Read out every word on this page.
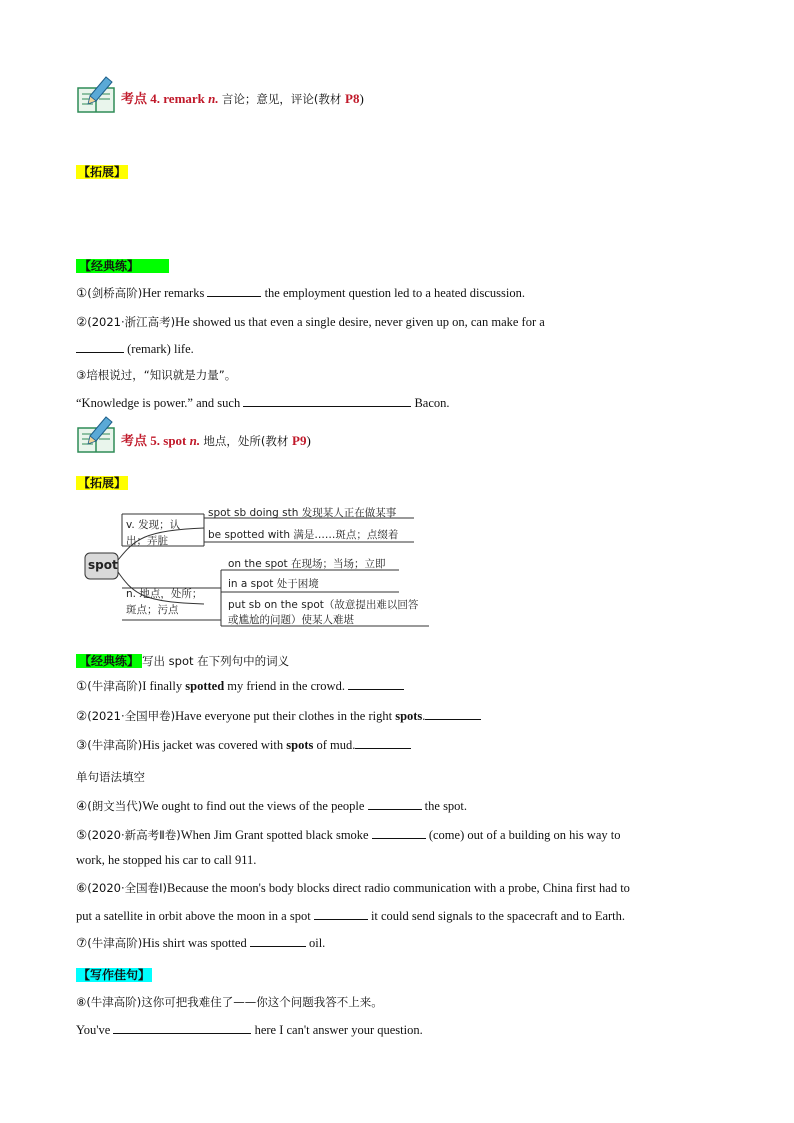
考点 4. remark n. 言论；意见，评论(教材 P8)
【拓展】
【经典练】
①(剑桥高阶)Her remarks	the employment question led to a heated discussion.
②(2021·浙江高考)He showed us that even a single desire, never given up on, can make for a
(remark) life.
③培根说过，“知识就是力量”。
“Knowledge is power.” and such	Bacon.
考点 5. spot n. 地点，处所(教材 P9)
【拓展】
spot
v. 发现；认
出；弄脏
spot sb doing sth 发现某人正在做某事
be spotted with 满是……斑点；点缀着
n. 地点，处所；
斑点；污点
on the spot 在现场；当场；立即
in a spot 处于困境
put sb on the spot（故意提出难以回答
或尴尬的问题）使某人难堪
【经典练】 写出 spot 在下列句中的词义
①(牛津高阶)I finally spotted my friend in the crowd.
②(2021·全国甲卷)Have everyone put their clothes in the right spots.
③(牛津高阶)His jacket was covered with spots of mud.
单句语法填空
④(朗文当代)We ought to find out the views of the people	the spot.
⑤(2020·新高考Ⅱ卷)When Jim Grant spotted black smoke	(come) out of a building on his way to
work, he stopped his car to call 911.
⑥(2020·全国卷Ⅰ)Because the moon's body blocks direct radio communication with a probe, China first had to
put a satellite in orbit above the moon in a spot	it could send signals to the spacecraft and to Earth.
⑦(牛津高阶)His shirt was spotted	oil.
【写作佳句】
⑧(牛津高阶)这你可把我难住了——你这个问题我答不上来。
You've	here I can't answer your question.
